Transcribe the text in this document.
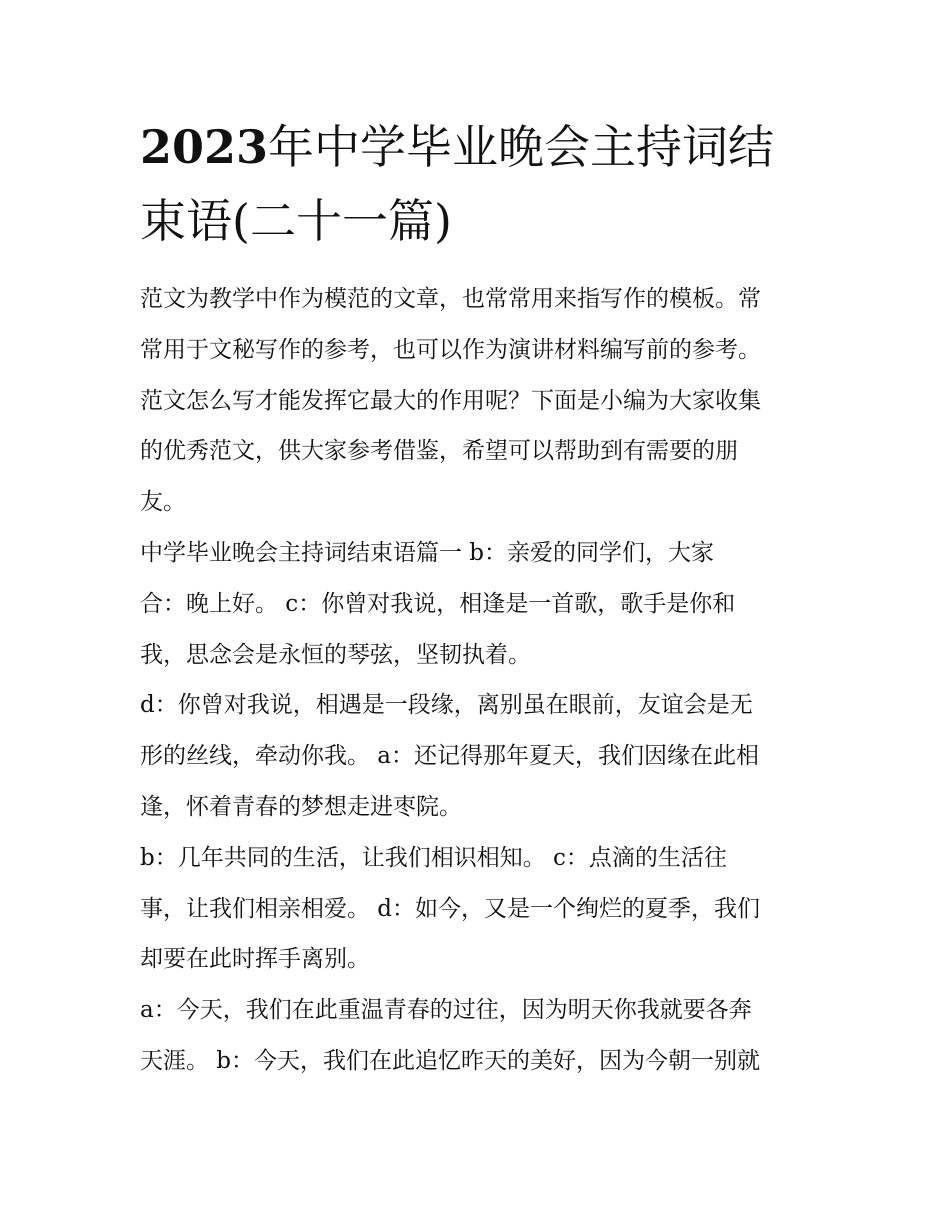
2023年中学毕业晚会主持词结
束语(二十一篇)
范文为教学中作为模范的文章，也常常用来指写作的模板。常
常用于文秘写作的参考，也可以作为演讲材料编写前的参考。
范文怎么写才能发挥它最大的作用呢？下面是小编为大家收集
的优秀范文，供大家参考借鉴，希望可以帮助到有需要的朋
友。
中学毕业晚会主持词结束语篇一 b：亲爱的同学们，大家
合：晚上好。 c：你曾对我说，相逢是一首歌，歌手是你和
我，思念会是永恒的琴弦，坚韧执着。
d：你曾对我说，相遇是一段缘，离别虽在眼前，友谊会是无
形的丝线，牵动你我。 a：还记得那年夏天，我们因缘在此相
逢，怀着青春的梦想走进枣院。
b：几年共同的生活，让我们相识相知。 c：点滴的生活往
事，让我们相亲相爱。 d：如今，又是一个绚烂的夏季，我们
却要在此时挥手离别。
a：今天，我们在此重温青春的过往，因为明天你我就要各奔
天涯。 b：今天，我们在此追忆昨天的美好，因为今朝一别就
